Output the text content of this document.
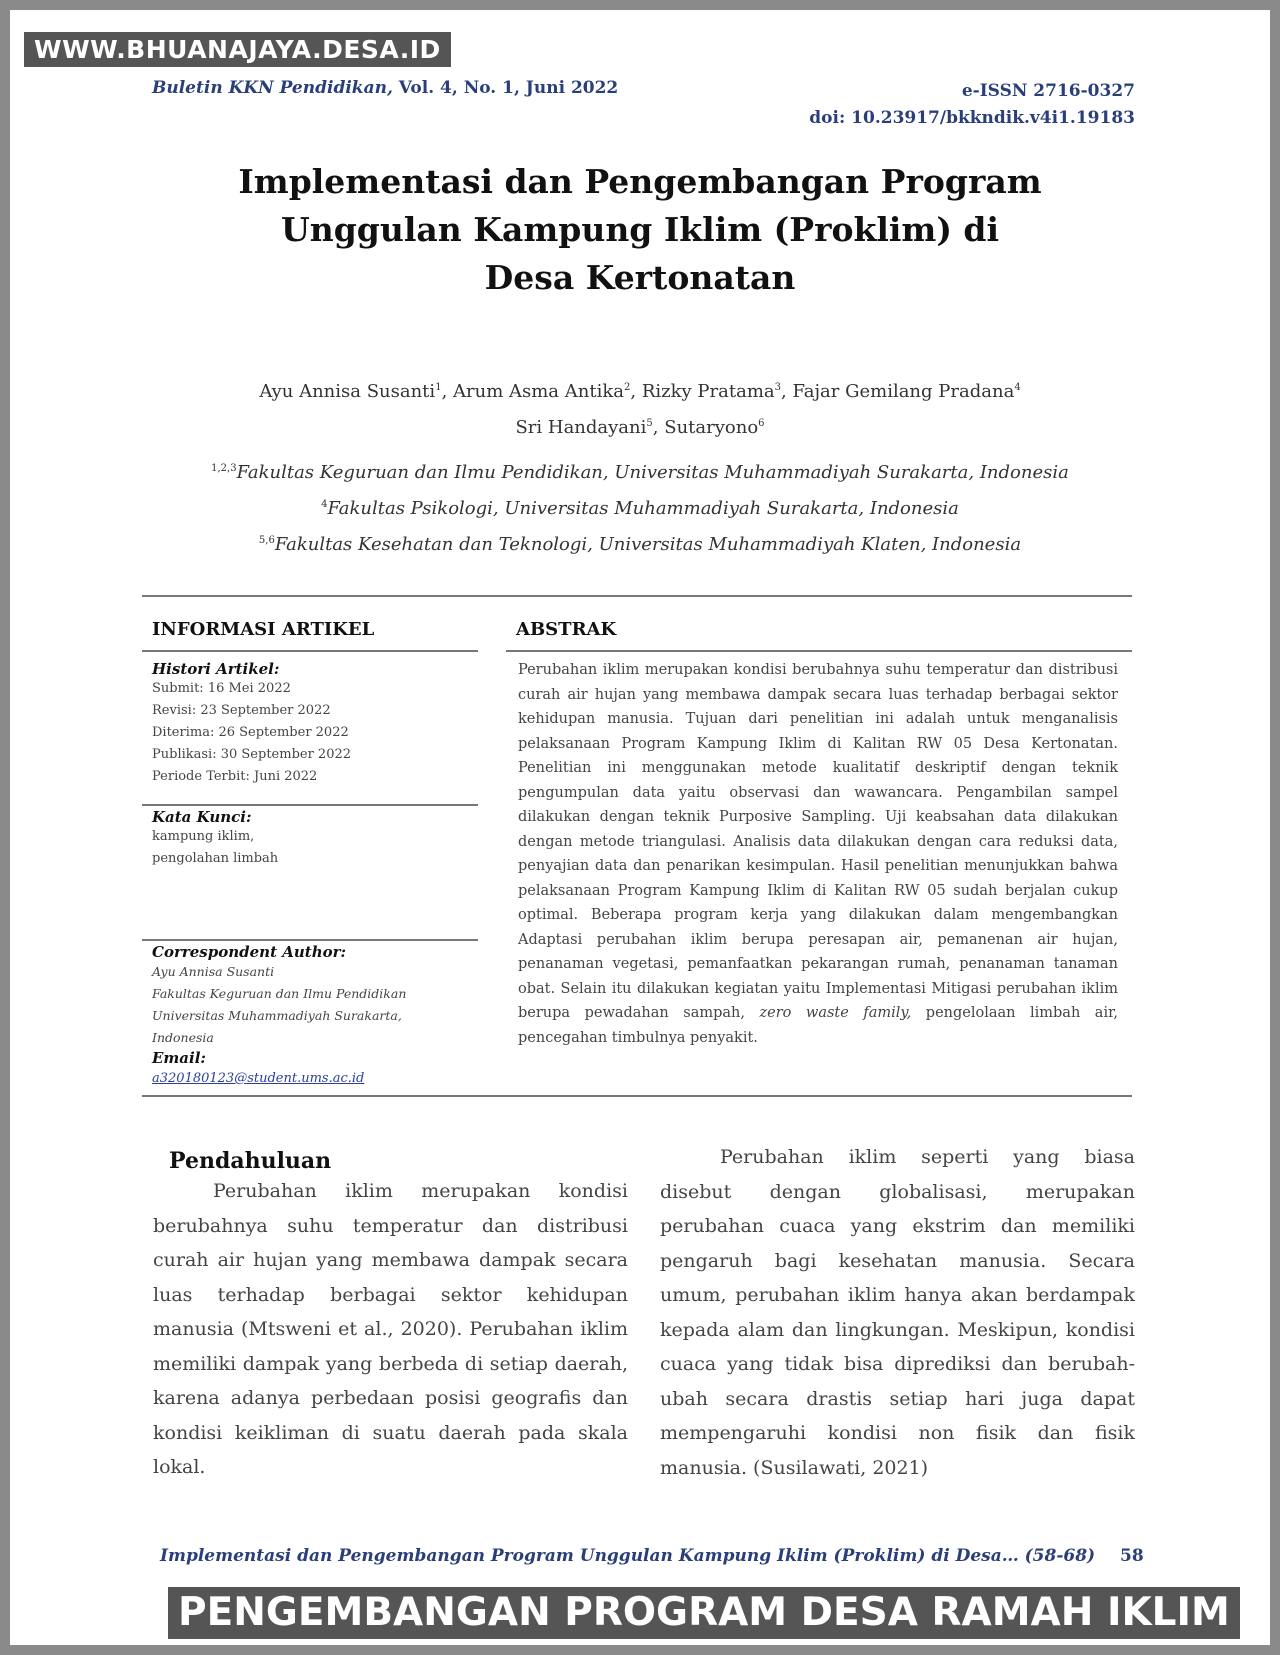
WWW.BHUANAJAYA.DESA.ID
Buletin KKN Pendidikan, Vol. 4, No. 1, Juni 2022	e-ISSN 2716-0327
doi: 10.23917/bkkndik.v4i1.19183
Implementasi dan Pengembangan Program
Unggulan Kampung Iklim (Proklim) di
Desa Kertonatan
Ayu Annisa Susanti$^1$, Arum Asma Antika$^2$, Rizky Pratama$^3$, Fajar Gemilang Pradana$^4$
Sri Handayani$^5$, Sutaryono$^6$
$^{1,2,3}$Fakultas Keguruan dan Ilmu Pendidikan, Universitas Muhammadiyah Surakarta, Indonesia
$^4$Fakultas Psikologi, Universitas Muhammadiyah Surakarta, Indonesia
$^{5,6}$Fakultas Kesehatan dan Teknologi, Universitas Muhammadiyah Klaten, Indonesia
INFORMASI ARTIKEL	ABSTRAK
Histori Artikel:
Submit: 16 Mei 2022
Revisi: 23 September 2022
Diterima: 26 September 2022
Publikasi: 30 September 2022
Periode Terbit: Juni 2022
Kata Kunci:
kampung iklim,
pengolahan limbah
Correspondent Author:
Ayu Annisa Susanti
Fakultas Keguruan dan Ilmu Pendidikan
Universitas Muhammadiyah Surakarta,
Indonesia
Email:
a320180123@student.ums.ac.id
Perubahan iklim merupakan kondisi berubahnya suhu temperatur dan distribusi curah air hujan yang membawa dampak secara luas terhadap berbagai sektor kehidupan manusia. Tujuan dari penelitian ini adalah untuk menganalisis pelaksanaan Program Kampung Iklim di Kalitan RW 05 Desa Kertonatan. Penelitian ini menggunakan metode kualitatif deskriptif dengan teknik pengumpulan data yaitu observasi dan wawancara. Pengambilan sampel dilakukan dengan teknik Purposive Sampling. Uji keabsahan data dilakukan dengan metode triangulasi. Analisis data dilakukan dengan cara reduksi data, penyajian data dan penarikan kesimpulan. Hasil penelitian menunjukkan bahwa pelaksanaan Program Kampung Iklim di Kalitan RW 05 sudah berjalan cukup optimal. Beberapa program kerja yang dilakukan dalam mengembangkan Adaptasi perubahan iklim berupa peresapan air, pemanenan air hujan, penanaman vegetasi, pemanfaatkan pekarangan rumah, penanaman tanaman obat. Selain itu dilakukan kegiatan yaitu Implementasi Mitigasi perubahan iklim berupa pewadahan sampah, zero waste family, pengelolaan limbah air, pencegahan timbulnya penyakit.
Pendahuluan

Perubahan iklim merupakan kondisi berubahnya suhu temperatur dan distribusi curah air hujan yang membawa dampak secara luas terhadap berbagai sektor kehidupan manusia (Mtsweni et al., 2020). Perubahan iklim memiliki dampak yang berbeda di setiap daerah, karena adanya perbedaan posisi geografis dan kondisi keikliman di suatu daerah pada skala lokal.

Perubahan iklim seperti yang biasa disebut dengan globalisasi, merupakan perubahan cuaca yang ekstrim dan memiliki pengaruh bagi kesehatan manusia. Secara umum, perubahan iklim hanya akan berdampak kepada alam dan lingkungan. Meskipun, kondisi cuaca yang tidak bisa diprediksi dan berubah-ubah secara drastis setiap hari juga dapat mempengaruhi kondisi non fisik dan fisik manusia. (Susilawati, 2021)

Implementasi dan Pengembangan Program Unggulan Kampung Iklim (Proklim) di Desa… (58-68) 58
PENGEMBANGAN PROGRAM DESA RAMAH IKLIM
